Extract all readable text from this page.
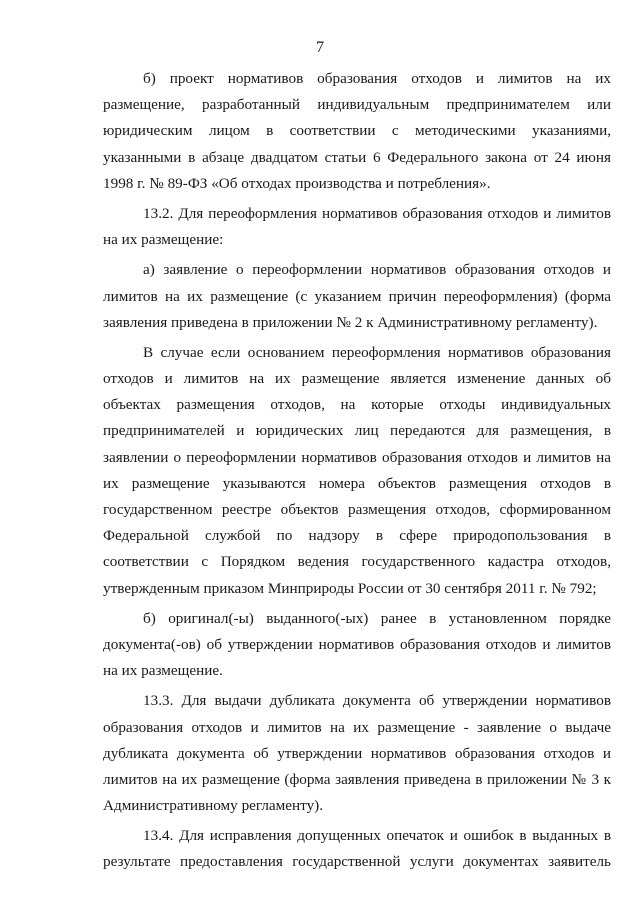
7
б) проект нормативов образования отходов и лимитов на их
размещение, разработанный индивидуальным предпринимателем или
юридическим лицом в соответствии с методическими указаниями,
указанными в абзаце двадцатом статьи 6 Федерального закона от 24 июня
1998 г. № 89-ФЗ «Об отходах производства и потребления».
13.2. Для переоформления нормативов образования отходов и лимитов
на их размещение:
а) заявление о переоформлении нормативов образования отходов и
лимитов на их размещение (с указанием причин переоформления) (форма
заявления приведена в приложении № 2 к Административному регламенту).
В случае если основанием переоформления нормативов образования
отходов и лимитов на их размещение является изменение данных об
объектах размещения отходов, на которые отходы индивидуальных
предпринимателей и юридических лиц передаются для размещения, в
заявлении о переоформлении нормативов образования отходов и лимитов на
их размещение указываются номера объектов размещения отходов в
государственном реестре объектов размещения отходов, сформированном
Федеральной службой по надзору в сфере природопользования в
соответствии с Порядком ведения государственного кадастра отходов,
утвержденным приказом Минприроды России от 30 сентября 2011 г. № 792;
б) оригинал(-ы) выданного(-ых) ранее в установленном порядке
документа(-ов) об утверждении нормативов образования отходов и лимитов
на их размещение.
13.3. Для выдачи дубликата документа об утверждении нормативов
образования отходов и лимитов на их размещение - заявление о выдаче
дубликата документа об утверждении нормативов образования отходов и
лимитов на их размещение (форма заявления приведена в приложении № 3 к
Административному регламенту).
13.4. Для исправления допущенных опечаток и ошибок в выданных в
результате предоставления государственной услуги документах заявитель
